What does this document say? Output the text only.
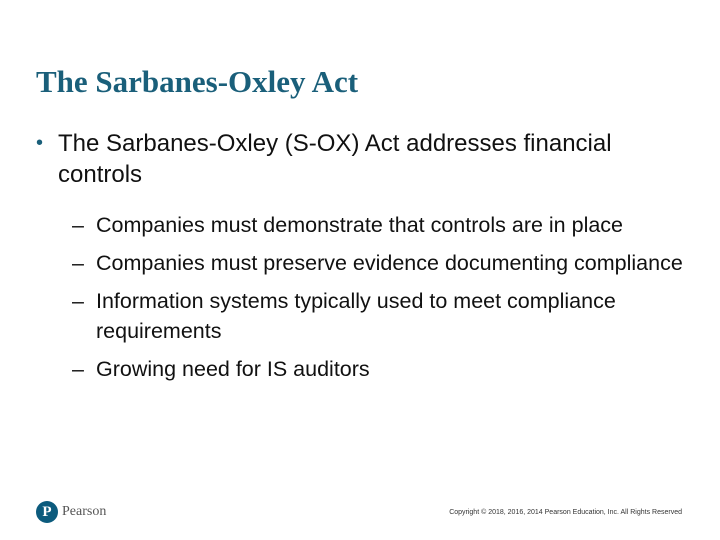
The Sarbanes-Oxley Act
• The Sarbanes-Oxley (S-OX) Act addresses financial controls
– Companies must demonstrate that controls are in place
– Companies must preserve evidence documenting compliance
– Information systems typically used to meet compliance requirements
– Growing need for IS auditors
P Pearson	Copyright © 2018, 2016, 2014 Pearson Education, Inc. All Rights Reserved
